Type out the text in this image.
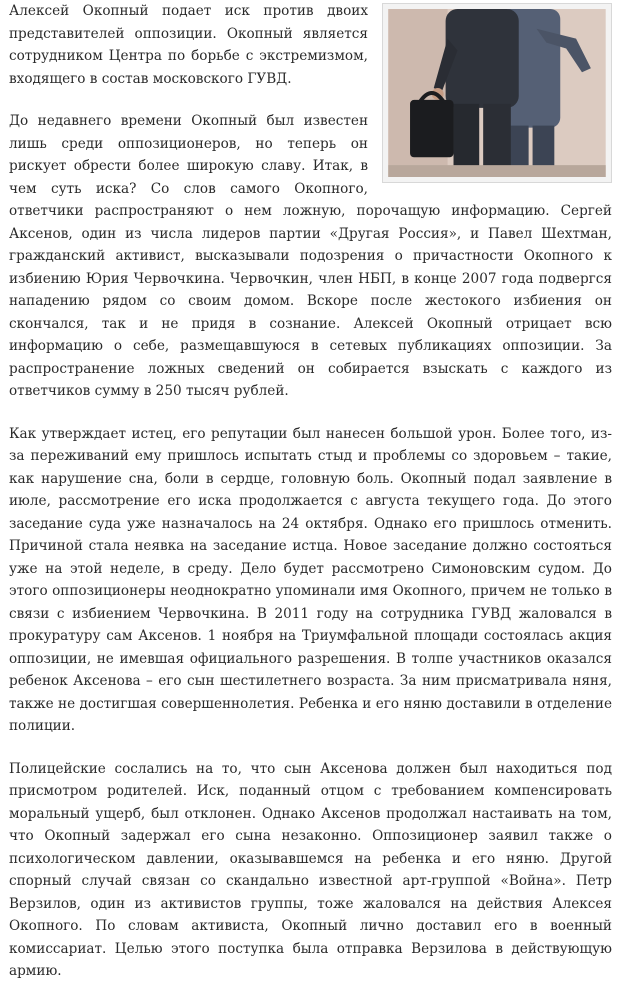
Алексей Окопный подает иск против двоих представителей оппозиции. Окопный является сотрудником Центра по борьбе с экстремизмом, входящего в состав московского ГУВД.

До недавнего времени Окопный был известен лишь среди оппозиционеров, но теперь он рискует обрести более широкую славу. Итак, в чем суть иска? Со слов самого Окопного, ответчики распространяют о нем ложную, порочащую информацию. Сергей Аксенов, один из числа лидеров партии «Другая Россия», и Павел Шехтман, гражданский активист, высказывали подозрения о причастности Окопного к избиению Юрия Червочкина. Червочкин, член НБП, в конце 2007 года подвергся нападению рядом со своим домом. Вскоре после жестокого избиения он скончался, так и не придя в сознание. Алексей Окопный отрицает всю информацию о себе, размещавшуюся в сетевых публикациях оппозиции. За распространение ложных сведений он собирается взыскать с каждого из ответчиков сумму в 250 тысяч рублей.

Как утверждает истец, его репутации был нанесен большой урон. Более того, из-за переживаний ему пришлось испытать стыд и проблемы со здоровьем – такие, как нарушение сна, боли в сердце, головную боль. Окопный подал заявление в июле, рассмотрение его иска продолжается с августа текущего года. До этого заседание суда уже назначалось на 24 октября. Однако его пришлось отменить. Причиной стала неявка на заседание истца. Новое заседание должно состояться уже на этой неделе, в среду. Дело будет рассмотрено Симоновским судом. До этого оппозиционеры неоднократно упоминали имя Окопного, причем не только в связи с избиением Червочкина. В 2011 году на сотрудника ГУВД жаловался в прокуратуру сам Аксенов. 1 ноября на Триумфальной площади состоялась акция оппозиции, не имевшая официального разрешения. В толпе участников оказался ребенок Аксенова – его сын шестилетнего возраста. За ним присматривала няня, также не достигшая совершеннолетия. Ребенка и его няню доставили в отделение полиции.

Полицейские сослались на то, что сын Аксенова должен был находиться под присмотром родителей. Иск, поданный отцом с требованием компенсировать моральный ущерб, был отклонен. Однако Аксенов продолжал настаивать на том, что Окопный задержал его сына незаконно. Оппозиционер заявил также о психологическом давлении, оказывавшемся на ребенка и его няню. Другой спорный случай связан со скандально известной арт-группой «Война». Петр Верзилов, один из активистов группы, тоже жаловался на действия Алексея Окопного. По словам активиста, Окопный лично доставил его в военный комиссариат. Целью этого поступка была отправка Верзилова в действующую армию.
